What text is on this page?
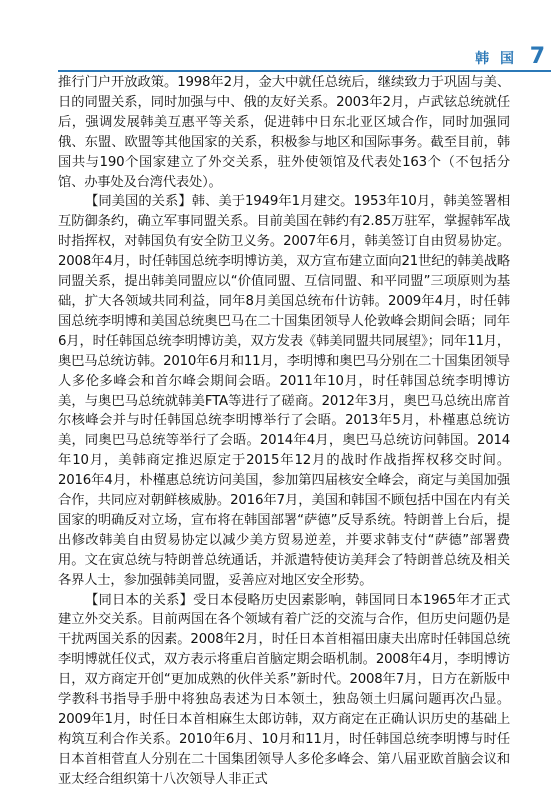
韩 国 7

推行门户开放政策。1998年2月，金大中就任总统后，继续致力于巩固与美、日的同盟关系，同时加强与中、俄的友好关系。2003年2月，卢武铉总统就任后，强调发展韩美互惠平等关系，促进韩中日东北亚区域合作，同时加强同俄、东盟、欧盟等其他国家的关系，积极参与地区和国际事务。截至目前，韩国共与190个国家建立了外交关系，驻外使领馆及代表处163个（不包括分馆、办事处及台湾代表处）。

【同美国的关系】韩、美于1949年1月建交。1953年10月，韩美签署相互防御条约，确立军事同盟关系。目前美国在韩约有2.85万驻军，掌握韩军战时指挥权，对韩国负有安全防卫义务。2007年6月，韩美签订自由贸易协定。2008年4月，时任韩国总统李明博访美，双方宣布建立面向21世纪的韩美战略同盟关系，提出韩美同盟应以“价值同盟、互信同盟、和平同盟”三项原则为基础，扩大各领域共同利益，同年8月美国总统布什访韩。2009年4月，时任韩国总统李明博和美国总统奥巴马在二十国集团领导人伦敦峰会期间会晤；同年6月，时任韩国总统李明博访美，双方发表《韩美同盟共同展望》；同年11月，奥巴马总统访韩。2010年6月和11月，李明博和奥巴马分别在二十国集团领导人多伦多峰会和首尔峰会期间会晤。2011年10月，时任韩国总统李明博访美，与奥巴马总统就韩美FTA等进行了磋商。2012年3月，奥巴马总统出席首尔核峰会并与时任韩国总统李明博举行了会晤。2013年5月，朴槿惠总统访美，同奥巴马总统等举行了会晤。2014年4月，奥巴马总统访问韩国。2014年10月，美韩商定推迟原定于2015年12月的战时作战指挥权移交时间。2016年4月，朴槿惠总统访问美国，参加第四届核安全峰会，商定与美国加强合作，共同应对朝鲜核威胁。2016年7月，美国和韩国不顾包括中国在内有关国家的明确反对立场，宣布将在韩国部署“萨德”反导系统。特朗普上台后，提出修改韩美自由贸易协定以减少美方贸易逆差，并要求韩支付“萨德”部署费用。文在寅总统与特朗普总统通话，并派遣特使访美拜会了特朗普总统及相关各界人士，参加强韩美同盟，妥善应对地区安全形势。

【同日本的关系】受日本侵略历史因素影响，韩国同日本1965年才正式建立外交关系。目前两国在各个领域有着广泛的交流与合作，但历史问题仍是干扰两国关系的因素。2008年2月，时任日本首相福田康夫出席时任韩国总统李明博就任仪式，双方表示将重启首脑定期会晤机制。2008年4月，李明博访日，双方商定开创“更加成熟的伙伴关系”新时代。2008年7月，日方在新版中学教科书指导手册中将独岛表述为日本领土，独岛领土归属问题再次凸显。2009年1月，时任日本首相麻生太郎访韩，双方商定在正确认识历史的基础上构筑互利合作关系。2010年6月、10月和11月，时任韩国总统李明博与时任日本首相菅直人分别在二十国集团领导人多伦多峰会、第八届亚欧首脑会议和亚太经合组织第十八次领导人非正式
